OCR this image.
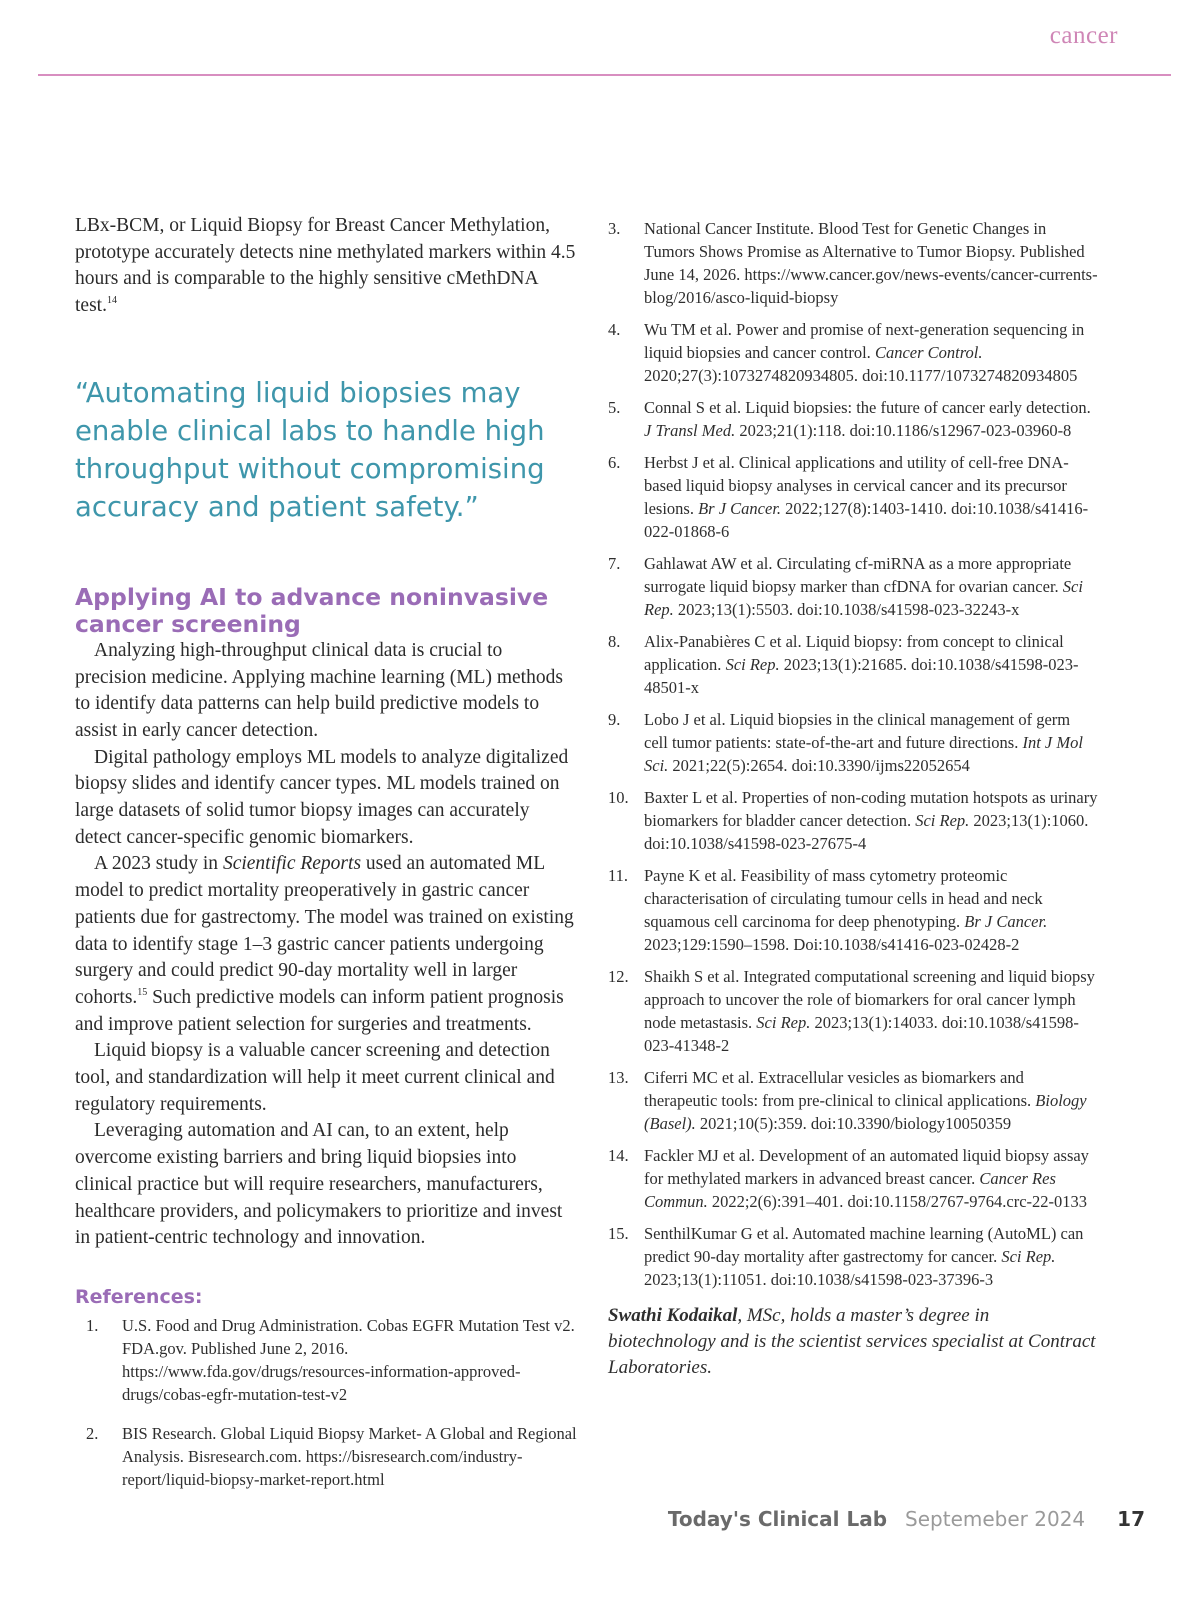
cancer

LBx-BCM, or Liquid Biopsy for Breast Cancer Methylation, prototype accurately detects nine methylated markers within 4.5 hours and is comparable to the highly sensitive cMethDNA test.$^{14}$

“Automating liquid biopsies may enable clinical labs to handle high throughput without compromising accuracy and patient safety.”
Applying AI to advance noninvasive cancer screening

Analyzing high-throughput clinical data is crucial to precision medicine. Applying machine learning (ML) methods to identify data patterns can help build predictive models to assist in early cancer detection.

Digital pathology employs ML models to analyze digitalized biopsy slides and identify cancer types. ML models trained on large datasets of solid tumor biopsy images can accurately detect cancer-specific genomic biomarkers.

A 2023 study in Scientific Reports used an automated ML model to predict mortality preoperatively in gastric cancer patients due for gastrectomy. The model was trained on existing data to identify stage 1–3 gastric cancer patients undergoing surgery and could predict 90-day mortality well in larger cohorts.$^{15}$ Such predictive models can inform patient prognosis and improve patient selection for surgeries and treatments.

Liquid biopsy is a valuable cancer screening and detection tool, and standardization will help it meet current clinical and regulatory requirements.

Leveraging automation and AI can, to an extent, help overcome existing barriers and bring liquid biopsies into clinical practice but will require researchers, manufacturers, healthcare providers, and policymakers to prioritize and invest in patient-centric technology and innovation.

References:
1.	U.S. Food and Drug Administration. Cobas EGFR Mutation Test v2. FDA.gov. Published June 2, 2016. https://www.fda.gov/drugs/resources-information-approved-drugs/cobas-egfr-mutation-test-v2
2.	BIS Research. Global Liquid Biopsy Market- A Global and Regional Analysis. Bisresearch.com. https://bisresearch.com/industry-report/liquid-biopsy-market-report.html
3.	National Cancer Institute. Blood Test for Genetic Changes in Tumors Shows Promise as Alternative to Tumor Biopsy. Published June 14, 2026. https://www.cancer.gov/news-events/cancer-currents-blog/2016/asco-liquid-biopsy
4.	Wu TM et al. Power and promise of next-generation sequencing in liquid biopsies and cancer control. Cancer Control. 2020;27(3):1073274820934805. doi:10.1177/1073274820934805
5.	Connal S et al. Liquid biopsies: the future of cancer early detection. J Transl Med. 2023;21(1):118. doi:10.1186/s12967-023-03960-8
6.	Herbst J et al. Clinical applications and utility of cell-free DNA-based liquid biopsy analyses in cervical cancer and its precursor lesions. Br J Cancer. 2022;127(8):1403-1410. doi:10.1038/s41416-022-01868-6
7.	Gahlawat AW et al. Circulating cf-miRNA as a more appropriate surrogate liquid biopsy marker than cfDNA for ovarian cancer. Sci Rep. 2023;13(1):5503. doi:10.1038/s41598-023-32243-x
8.	Alix-Panabières C et al. Liquid biopsy: from concept to clinical application. Sci Rep. 2023;13(1):21685. doi:10.1038/s41598-023-48501-x
9.	Lobo J et al. Liquid biopsies in the clinical management of germ cell tumor patients: state-of-the-art and future directions. Int J Mol Sci. 2021;22(5):2654. doi:10.3390/ijms22052654
10. Baxter L et al. Properties of non-coding mutation hotspots as urinary biomarkers for bladder cancer detection. Sci Rep. 2023;13(1):1060. doi:10.1038/s41598-023-27675-4
11. Payne K et al. Feasibility of mass cytometry proteomic characterisation of circulating tumour cells in head and neck squamous cell carcinoma for deep phenotyping. Br J Cancer. 2023;129:1590–1598. Doi:10.1038/s41416-023-02428-2
12. Shaikh S et al. Integrated computational screening and liquid biopsy approach to uncover the role of biomarkers for oral cancer lymph node metastasis. Sci Rep. 2023;13(1):14033. doi:10.1038/s41598-023-41348-2
13. Ciferri MC et al. Extracellular vesicles as biomarkers and therapeutic tools: from pre-clinical to clinical applications. Biology (Basel). 2021;10(5):359. doi:10.3390/biology10050359
14. Fackler MJ et al. Development of an automated liquid biopsy assay for methylated markers in advanced breast cancer. Cancer Res Commun. 2022;2(6):391–401. doi:10.1158/2767-9764.crc-22-0133
15. SenthilKumar G et al. Automated machine learning (AutoML) can predict 90-day mortality after gastrectomy for cancer. Sci Rep. 2023;13(1):11051. doi:10.1038/s41598-023-37396-3
Swathi Kodaikal, MSc, holds a master’s degree in biotechnology and is the scientist services specialist at Contract Laboratories.
Today's Clinical Lab Septemeber 2024 17
